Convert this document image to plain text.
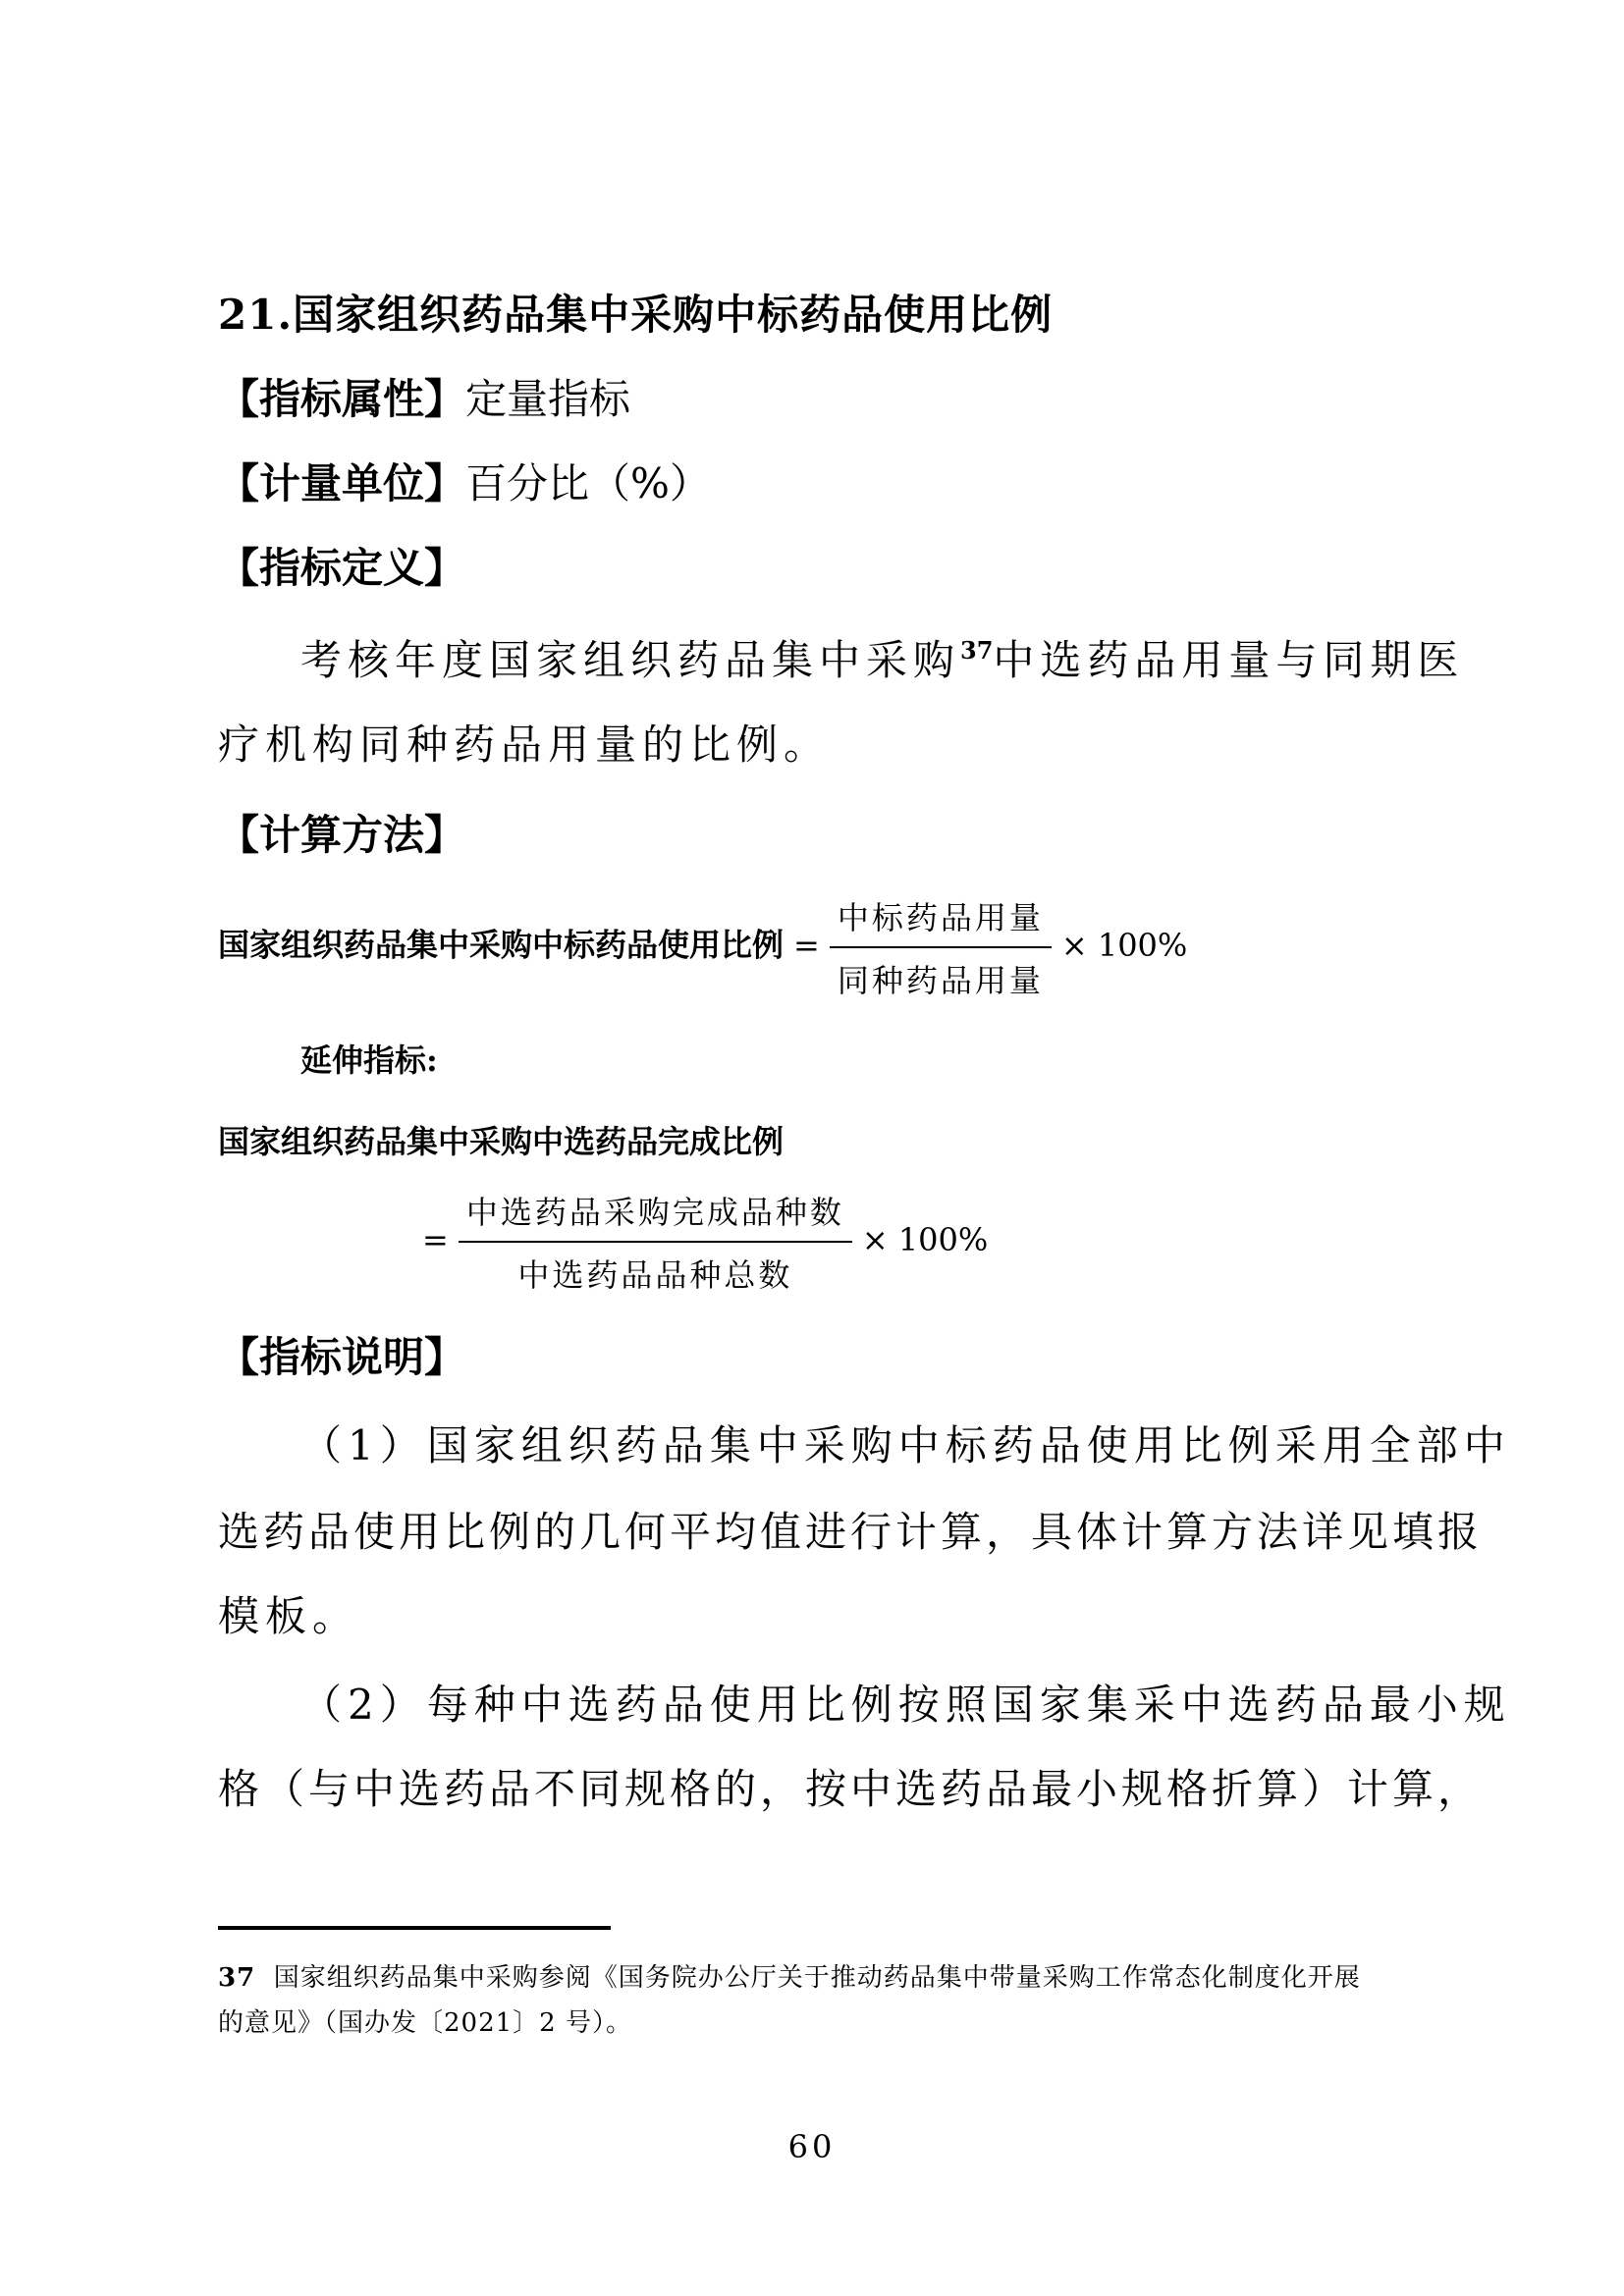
21.国家组织药品集中采购中标药品使用比例
【指标属性】定量指标
【计量单位】百分比（%）
【指标定义】
考核年度国家组织药品集中采购$^{37}$中选药品用量与同期医
疗机构同种药品用量的比例。
【计算方法】
国家组织药品集中采购中标药品使用比例 = $\frac{\text{中标药品用量}}{\text{同种药品用量}} \times 100\%$
延伸指标:
国家组织药品集中采购中选药品完成比例
= $\frac{\text{中选药品采购完成品种数}}{\text{中选药品品种总数}} \times 100\%$
【指标说明】
（1）国家组织药品集中采购中标药品使用比例采用全部中
选药品使用比例的几何平均值进行计算，具体计算方法详见填报
模板。
（2）每种中选药品使用比例按照国家集采中选药品最小规
格（与中选药品不同规格的，按中选药品最小规格折算）计算，
37 国家组织药品集中采购参阅《国务院办公厅关于推动药品集中带量采购工作常态化制度化开展
的意见》（国办发〔2021〕2 号）。
60
